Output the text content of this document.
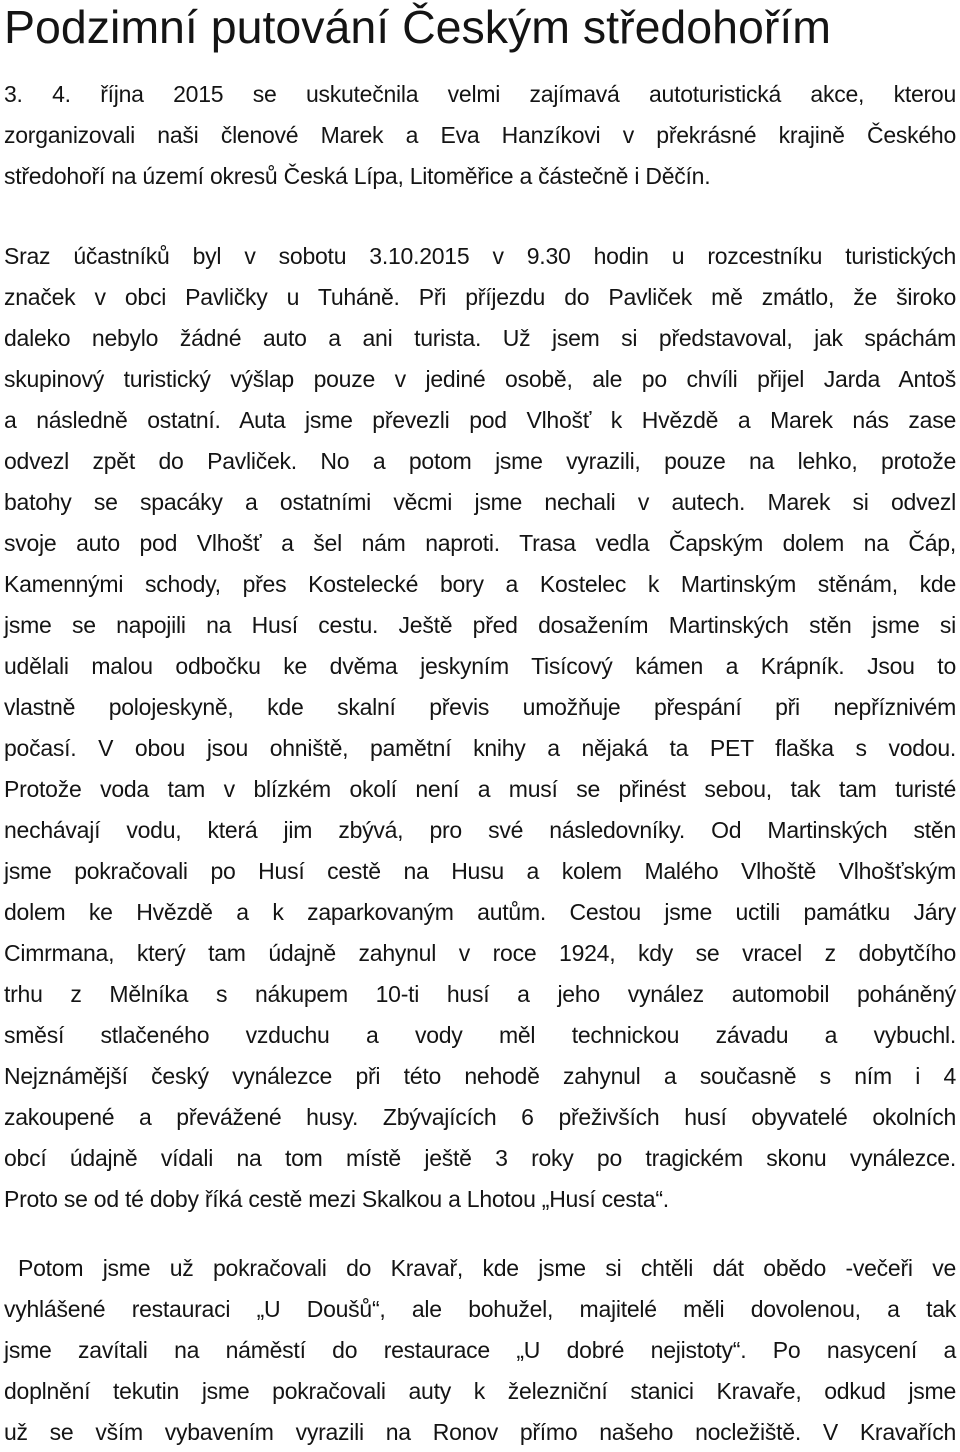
Podzimní putování Českým středohořím
3. 4. října 2015 se uskutečnila velmi zajímavá autoturistická akce, kterou
zorganizovali naši členové Marek a Eva Hanzíkovi v překrásné krajině Českého
středohoří na území okresů Česká Lípa, Litoměřice a částečně i Děčín.
Sraz účastníků byl v sobotu 3.10.2015 v 9.30 hodin u rozcestníku turistických
značek v obci Pavličky u Tuháně. Při příjezdu do Pavliček mě zmátlo, že široko
daleko nebylo žádné auto a ani turista. Už jsem si představoval, jak spáchám
skupinový turistický výšlap pouze v jediné osobě, ale po chvíli přijel Jarda Antoš
a následně ostatní. Auta jsme převezli pod Vlhošť k Hvězdě a Marek nás zase
odvezl zpět do Pavliček. No a potom jsme vyrazili, pouze na lehko, protože
batohy se spacáky a ostatními věcmi jsme nechali v autech. Marek si odvezl
svoje auto pod Vlhošť a šel nám naproti. Trasa vedla Čapským dolem na Čáp,
Kamennými schody, přes Kostelecké bory a Kostelec k Martinským stěnám, kde
jsme se napojili na Husí cestu. Ještě před dosažením Martinských stěn jsme si
udělali malou odbočku ke dvěma jeskyním Tisícový kámen a Krápník. Jsou to
vlastně polojeskyně, kde skalní převis umožňuje přespání při nepříznivém
počasí. V obou jsou ohniště, pamětní knihy a nějaká ta PET flaška s vodou.
Protože voda tam v blízkém okolí není a musí se přinést sebou, tak tam turisté
nechávají vodu, která jim zbývá, pro své následovníky. Od Martinských stěn
jsme pokračovali po Husí cestě na Husu a kolem Malého Vlhoště Vlhošťským
dolem ke Hvězdě a k zaparkovaným autům. Cestou jsme uctili památku Járy
Cimrmana, který tam údajně zahynul v roce 1924, kdy se vracel z dobytčího
trhu z Mělníka s nákupem 10-ti husí a jeho vynález automobil poháněný
směsí stlačeného vzduchu a vody měl technickou závadu a vybuchl.
Nejznámější český vynálezce při této nehodě zahynul a současně s ním i 4
zakoupené a převážené husy. Zbývajících 6 přeživších husí obyvatelé okolních
obcí údajně vídali na tom místě ještě 3 roky po tragickém skonu vynálezce.
Proto se od té doby říká cestě mezi Skalkou a Lhotou „Husí cesta“.
Potom jsme už pokračovali do Kravař, kde jsme si chtěli dát obědo -večeři ve
vyhlášené restauraci „U Doušů“, ale bohužel, majitelé měli dovolenou, a tak
jsme zavítali na náměstí do restaurace „U dobré nejistoty“. Po nasycení a
doplnění tekutin jsme pokračovali auty k železniční stanici Kravaře, odkud jsme
už se vším vybavením vyrazili na Ronov přímo našeho nocležiště. V Kravařích
